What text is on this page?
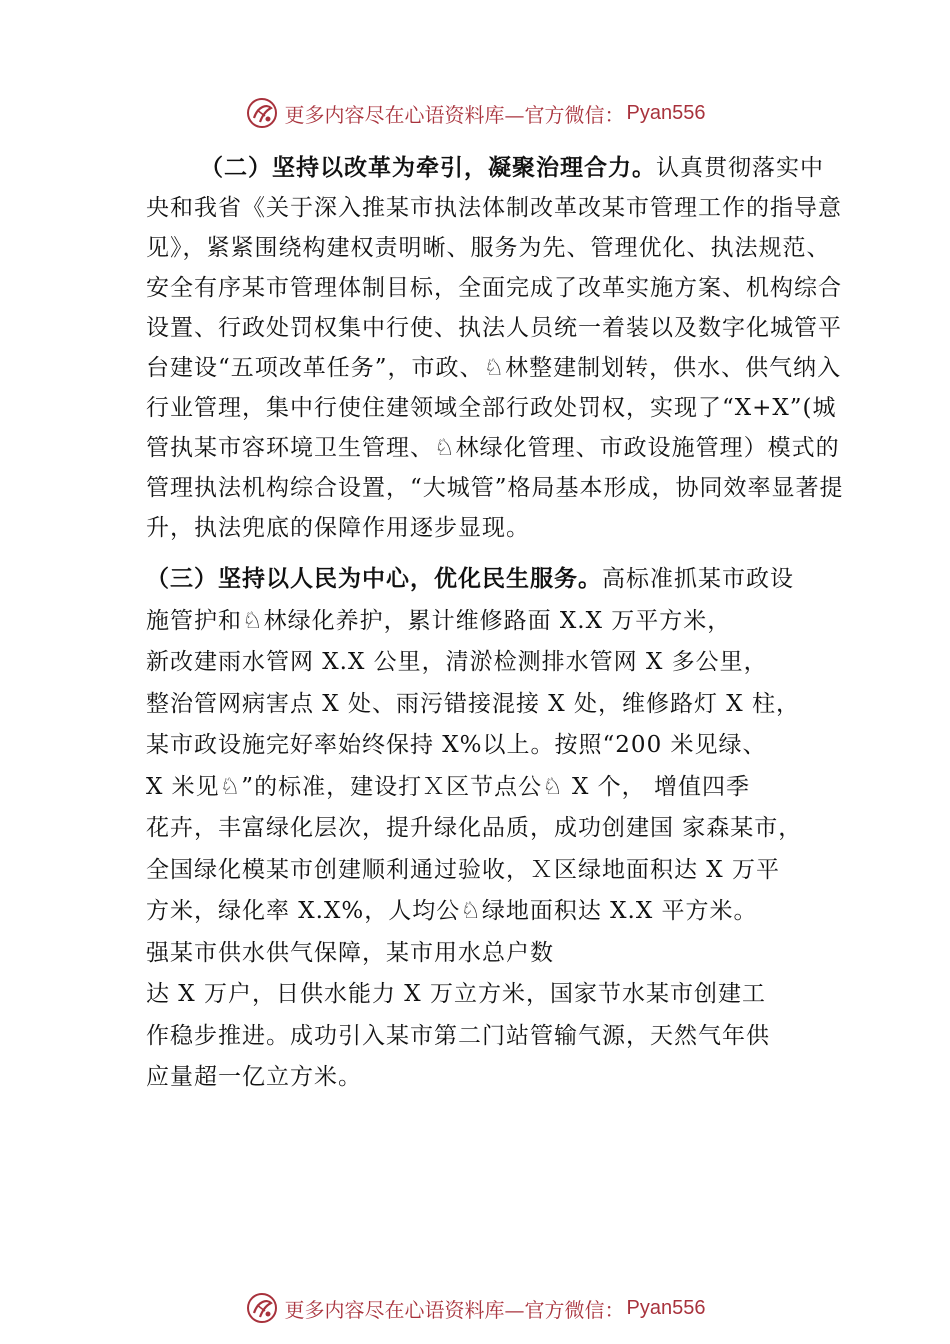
更多内容尽在心语资料库—官方微信： Pyan556

（二）坚持以改革为牵引，凝聚治理合力。认真贯彻落实中央和我省《关于深入推某市执法体制改革改某市管理工作的指导意见》，紧紧围绕构建权责明晰、服务为先、管理优化、执法规范、安全有序某市管理体制目标，全面完成了改革实施方案、机构综合设置、行政处罚权集中行使、执法人员统一着装以及数字化城管平台建设“五项改革任务”，市政、♘林整建制划转，供水、供气纳入行业管理，集中行使住建领域全部行政处罚权，实现了“X+X”(城管执某市容环境卫生管理、♘林绿化管理、市政设施管理）模式的管理执法机构综合设置，“大城管”格局基本形成，协同效率显著提升，执法兜底的保障作用逐步显现。

（三）坚持以人民为中心，优化民生服务。高标准抓某市政设
施管护和♘林绿化养护，累计维修路面 X.X 万平方米，
新改建雨水管网 X.X 公里，清淤检测排水管网 X 多公里，
整治管网病害点 X 处、雨污错接混接 X 处，维修路灯 X 柱，
某市政设施完好率始终保持 X%以上。按照“200 米见绿、
X 米见♘”的标准，建设打Ｘ区节点公♘ X 个， 增值四季
花卉，丰富绿化层次，提升绿化品质，成功创建国 家森某市，
全国绿化模某市创建顺利通过验收，Ｘ区绿地面积达 X 万平
方米，绿化率 X.X%，人均公♘绿地面积达 X.X 平方米。
强某市供水供气保障，某市用水总户数
达 X 万户，日供水能力 X 万立方米，国家节水某市创建工
作稳步推进。成功引入某市第二门站管输气源，天然气年供
应量超一亿立方米。

更多内容尽在心语资料库—官方微信： Pyan556
